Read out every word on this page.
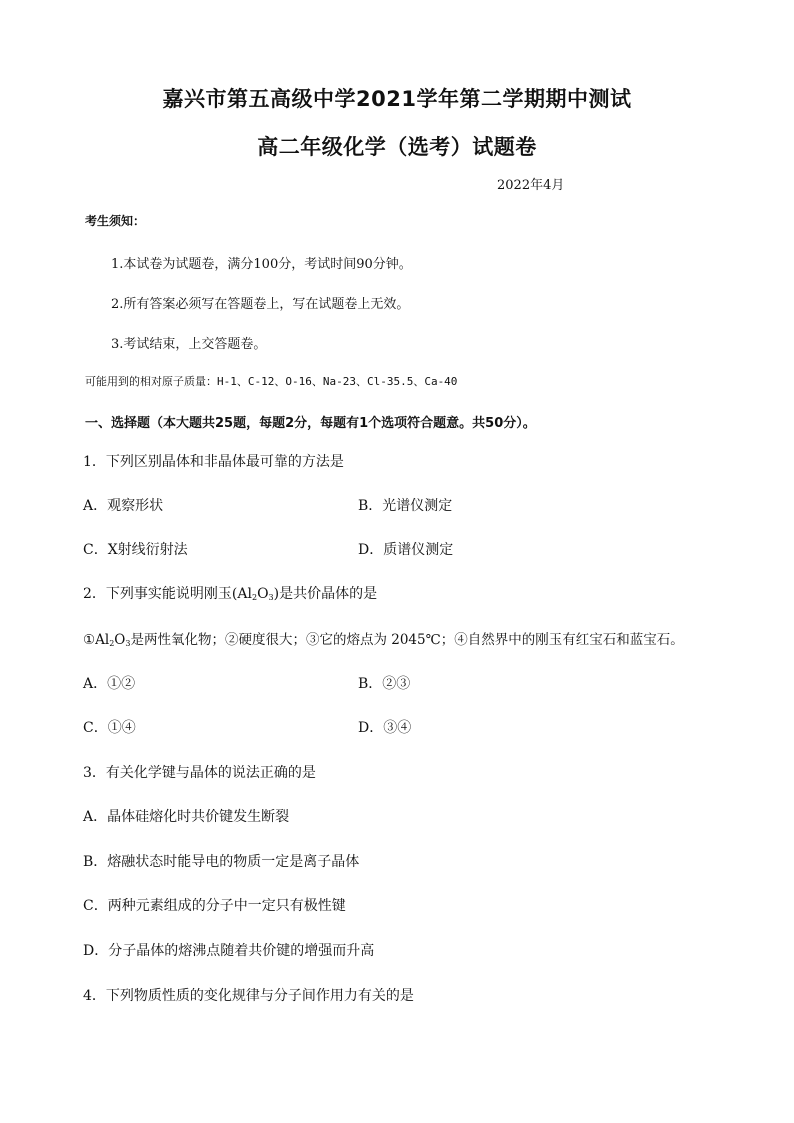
嘉兴市第五高级中学2021学年第二学期期中测试
高二年级化学（选考）试题卷
2022年4月
考生须知：
1.本试卷为试题卷，满分100分，考试时间90分钟。
2.所有答案必须写在答题卷上，写在试题卷上无效。
3.考试结束，上交答题卷。
可能用到的相对原子质量：H-1、C-12、O-16、Na-23、Cl-35.5、Ca-40
一、选择题（本大题共25题，每题2分，每题有1个选项符合题意。共50分）。
1．下列区别晶体和非晶体最可靠的方法是
A．观察形状	B．光谱仪测定
C．X射线衍射法	D．质谱仪测定
2．下列事实能说明刚玉$(Al_2O_3)$是共价晶体的是
$①Al_2O_3$是两性氧化物；②硬度很大；③它的熔点为 2045℃；④自然界中的刚玉有红宝石和蓝宝石。
A．①②	B．②③
C．①④	D．③④
3．有关化学键与晶体的说法正确的是
A．晶体硅熔化时共价键发生断裂
B．熔融状态时能导电的物质一定是离子晶体
C．两种元素组成的分子中一定只有极性键
D．分子晶体的熔沸点随着共价键的增强而升高
4．下列物质性质的变化规律与分子间作用力有关的是
